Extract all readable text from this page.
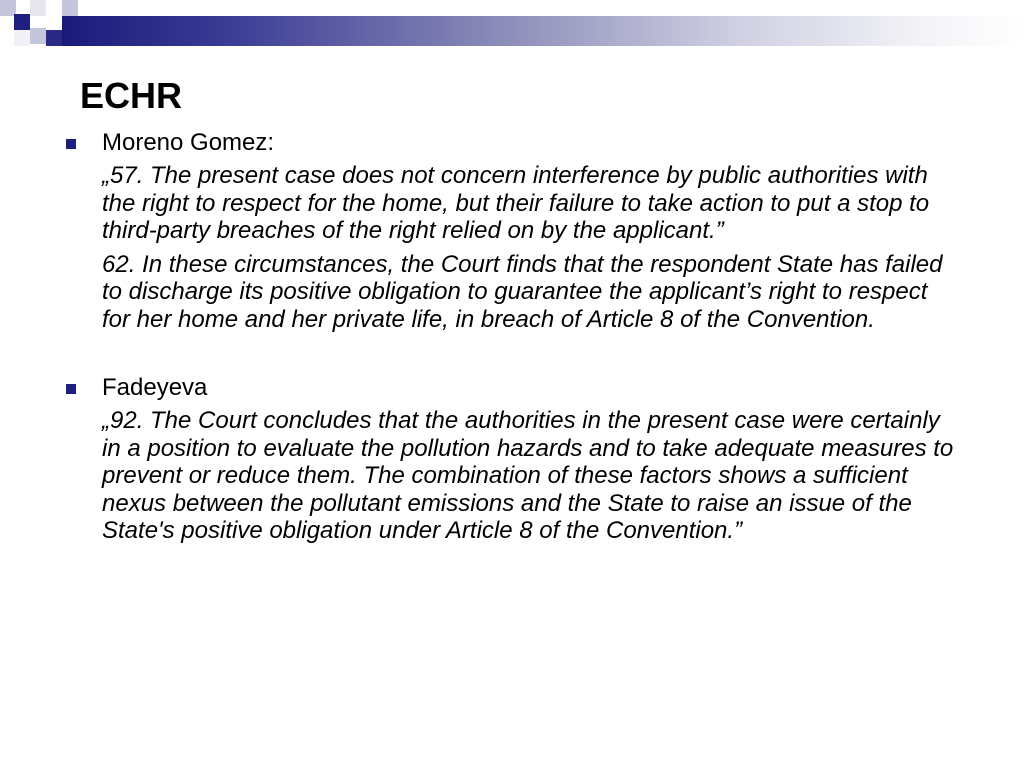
ECHR
Moreno Gomez:
„57. The present case does not concern interference by public authorities with the right to respect for the home, but their failure to take action to put a stop to third-party breaches of the right relied on by the applicant.”
62. In these circumstances, the Court finds that the respondent State has failed to discharge its positive obligation to guarantee the applicant’s right to respect for her home and her private life, in breach of Article 8 of the Convention.
Fadeyeva
„92. The Court concludes that the authorities in the present case were certainly in a position to evaluate the pollution hazards and to take adequate measures to prevent or reduce them. The combination of these factors shows a sufficient nexus between the pollutant emissions and the State to raise an issue of the State's positive obligation under Article 8 of the Convention.”
